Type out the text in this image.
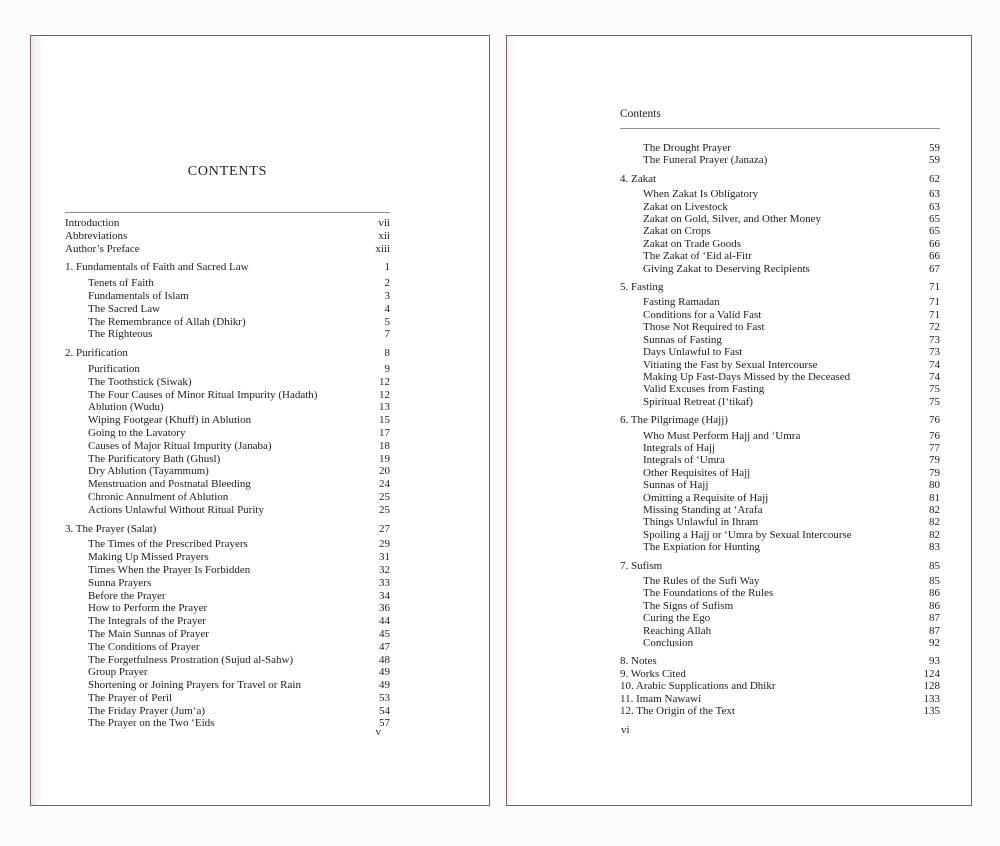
CONTENTS
Introduction	vii
Abbreviations	xii
Author’s Preface	xiii
1. Fundamentals of Faith and Sacred Law	1
Tenets of Faith	2
Fundamentals of Islam	3
The Sacred Law	4
The Remembrance of Allah (Dhikr)	5
The Righteous	7
2. Purification	8
Purification	9
The Toothstick (Siwak)	12
The Four Causes of Minor Ritual Impurity (Hadath)	12
Ablution (Wudu)	13
Wiping Footgear (Khuff) in Ablution	15
Going to the Lavatory	17
Causes of Major Ritual Impurity (Janaba)	18
The Purificatory Bath (Ghusl)	19
Dry Ablution (Tayammum)	20
Menstruation and Postnatal Bleeding	24
Chronic Annulment of Ablution	25
Actions Unlawful Without Ritual Purity	25
3. The Prayer (Salat)	27
The Times of the Prescribed Prayers	29
Making Up Missed Prayers	31
Times When the Prayer Is Forbidden	32
Sunna Prayers	33
Before the Prayer	34
How to Perform the Prayer	36
The Integrals of the Prayer	44
The Main Sunnas of Prayer	45
The Conditions of Prayer	47
The Forgetfulness Prostration (Sujud al-Sahw)	48
Group Prayer	49
Shortening or Joining Prayers for Travel or Rain	49
The Prayer of Peril	53
The Friday Prayer (Jum‘a)	54
The Prayer on the Two ‘Eids	57
v
Contents
The Drought Prayer	59
The Funeral Prayer (Janaza)	59
4. Zakat	62
When Zakat Is Obligatory	63
Zakat on Livestock	63
Zakat on Gold, Silver, and Other Money	65
Zakat on Crops	65
Zakat on Trade Goods	66
The Zakat of ‘Eid al-Fitr	66
Giving Zakat to Deserving Recipients	67
5. Fasting	71
Fasting Ramadan	71
Conditions for a Valid Fast	71
Those Not Required to Fast	72
Sunnas of Fasting	73
Days Unlawful to Fast	73
Vitiating the Fast by Sexual Intercourse	74
Making Up Fast-Days Missed by the Deceased	74
Valid Excuses from Fasting	75
Spiritual Retreat (I‘tikaf)	75
6. The Pilgrimage (Hajj)	76
Who Must Perform Hajj and ‘Umra	76
Integrals of Hajj	77
Integrals of ‘Umra	79
Other Requisites of Hajj	79
Sunnas of Hajj	80
Omitting a Requisite of Hajj	81
Missing Standing at ‘Arafa	82
Things Unlawful in Ihram	82
Spoiling a Hajj or ‘Umra by Sexual Intercourse	82
The Expiation for Hunting	83
7. Sufism	85
The Rules of the Sufi Way	85
The Foundations of the Rules	86
The Signs of Sufism	86
Curing the Ego	87
Reaching Allah	87
Conclusion	92
8. Notes	93
9. Works Cited	124
10. Arabic Supplications and Dhikr	128
11. Imam Nawawi	133
12. The Origin of the Text	135
vi
